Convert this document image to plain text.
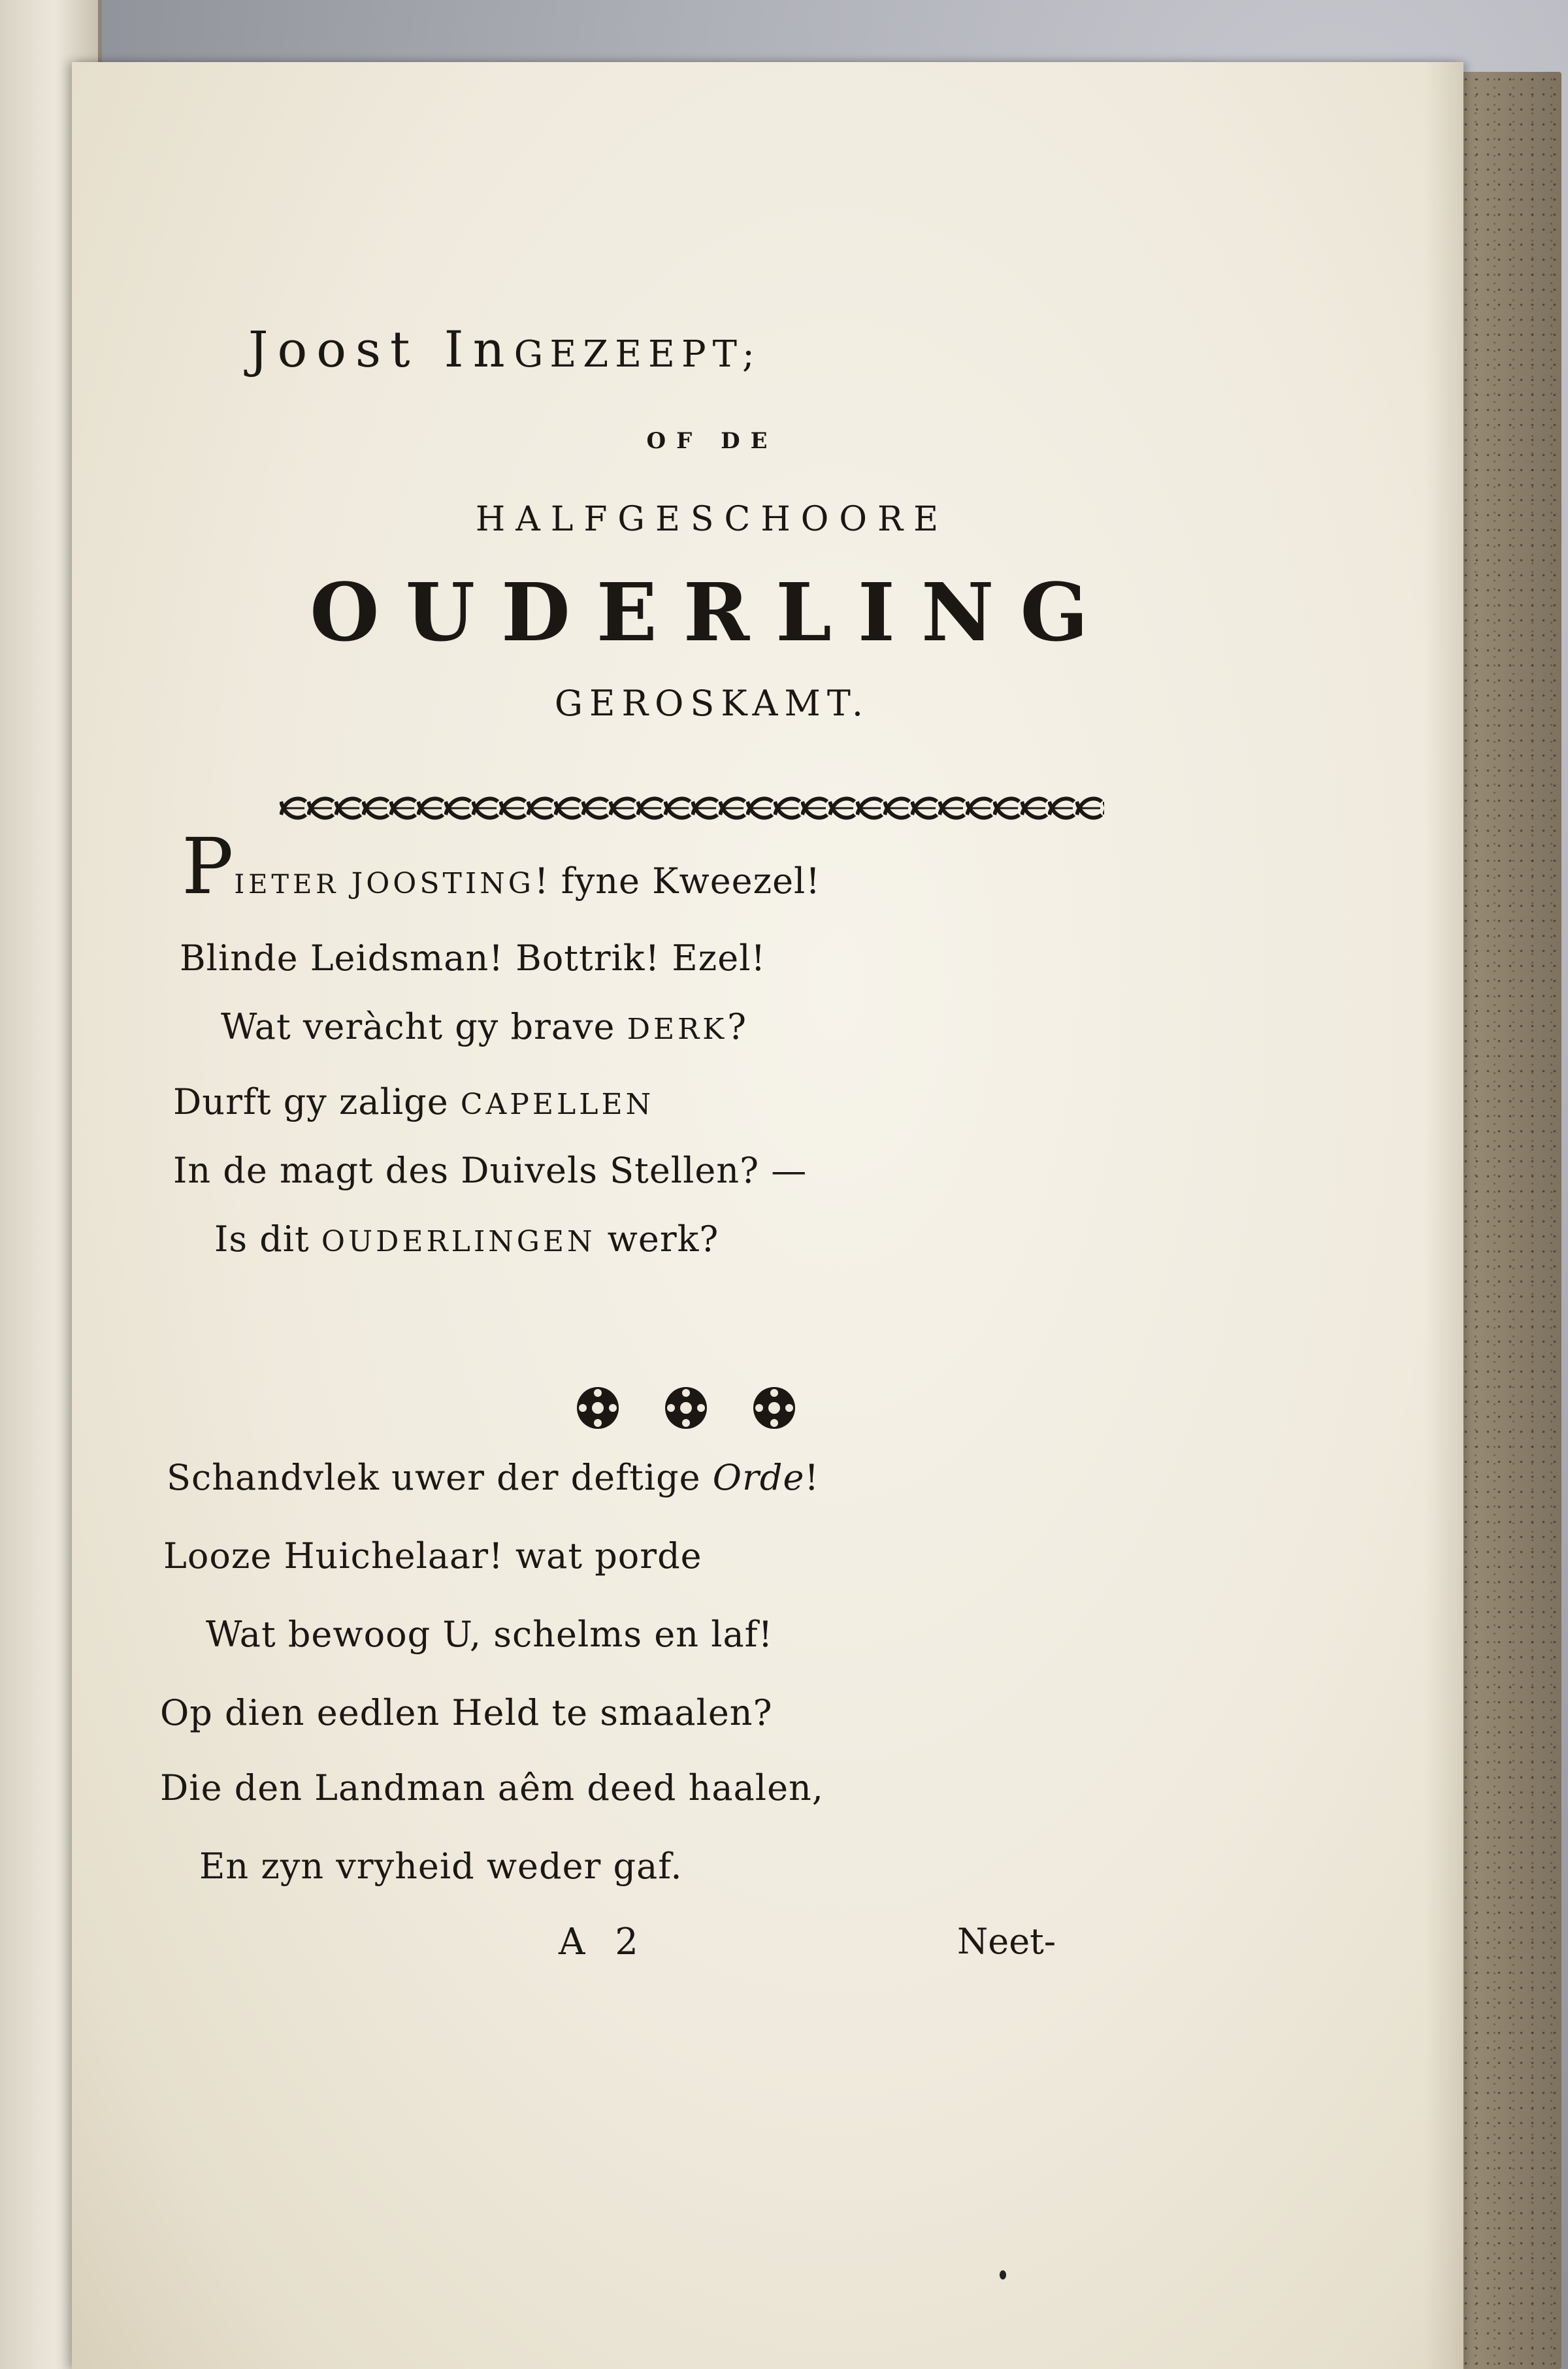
Joost InGEZEEPT;
OF DE
HALFGESCHOORE
OUDERLING
GEROSKAMT.
PIETER JOOSTING! fyne Kweezel!
Blinde Leidsman! Bottrik! Ezel!
Wat veràcht gy brave DERK?
Durft gy zalige CAPELLEN
In de magt des Duivels Stellen? —
Is dit OUDERLINGEN werk?
Schandvlek uwer der deftige Orde!
Looze Huichelaar! wat porde
Wat bewoog U, schelms en laf!
Op dien eedlen Held te smaalen?
Die den Landman aêm deed haalen,
En zyn vryheid weder gaf.
A 2	Neet-
